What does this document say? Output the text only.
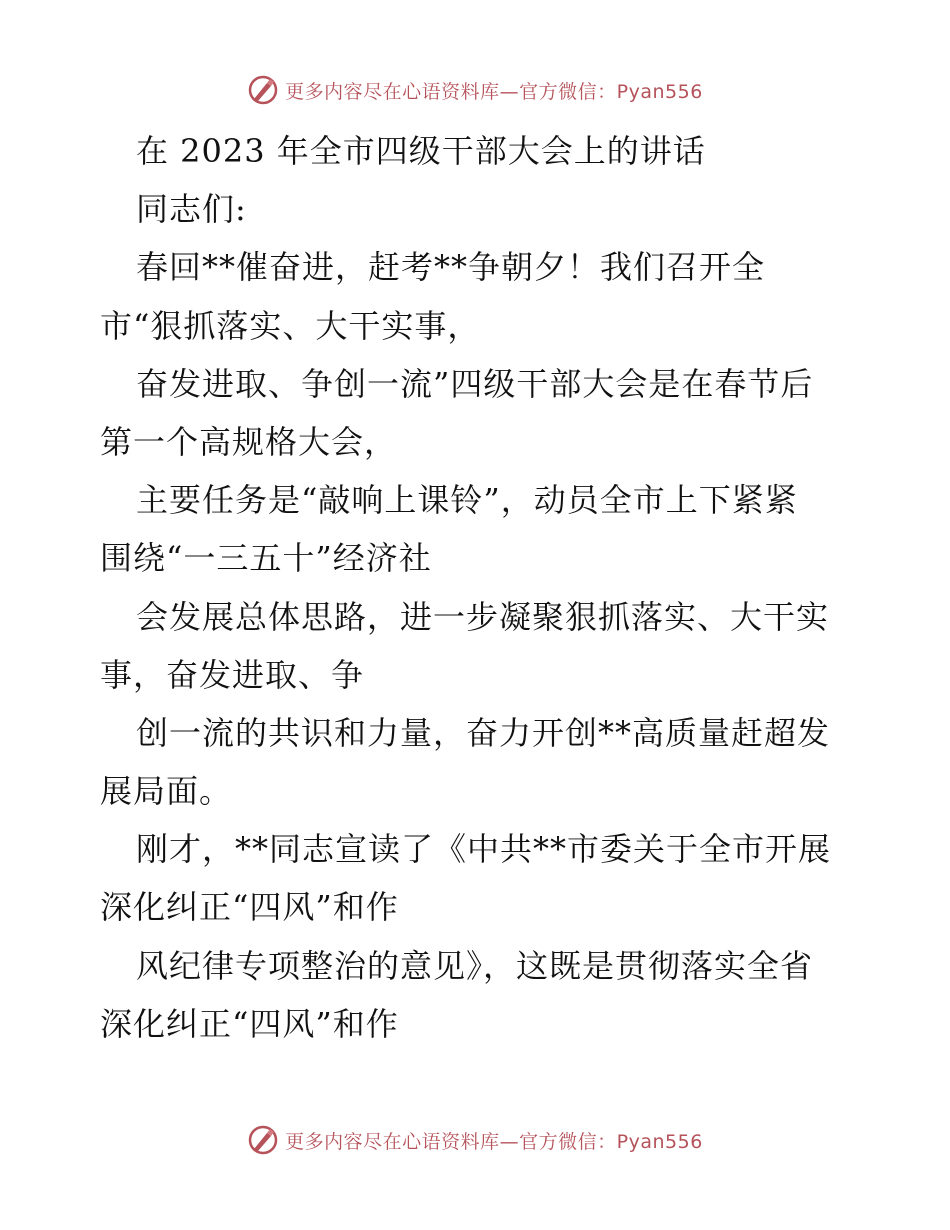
更多内容尽在心语资料库—官方微信：Pyan556
在 2023 年全市四级干部大会上的讲话
同志们:
春回**催奋进，赶考**争朝夕！我们召开全
市“狠抓落实、大干实事，
奋发进取、争创一流”四级干部大会是在春节后
第一个高规格大会，
主要任务是“敲响上课铃”，动员全市上下紧紧
围绕“一三五十”经济社
会发展总体思路，进一步凝聚狠抓落实、大干实
事，奋发进取、争
创一流的共识和力量，奋力开创**高质量赶超发
展局面。
刚才，**同志宣读了《中共**市委关于全市开展
深化纠正“四风”和作
风纪律专项整治的意见》，这既是贯彻落实全省
深化纠正“四风”和作
更多内容尽在心语资料库—官方微信：Pyan556
